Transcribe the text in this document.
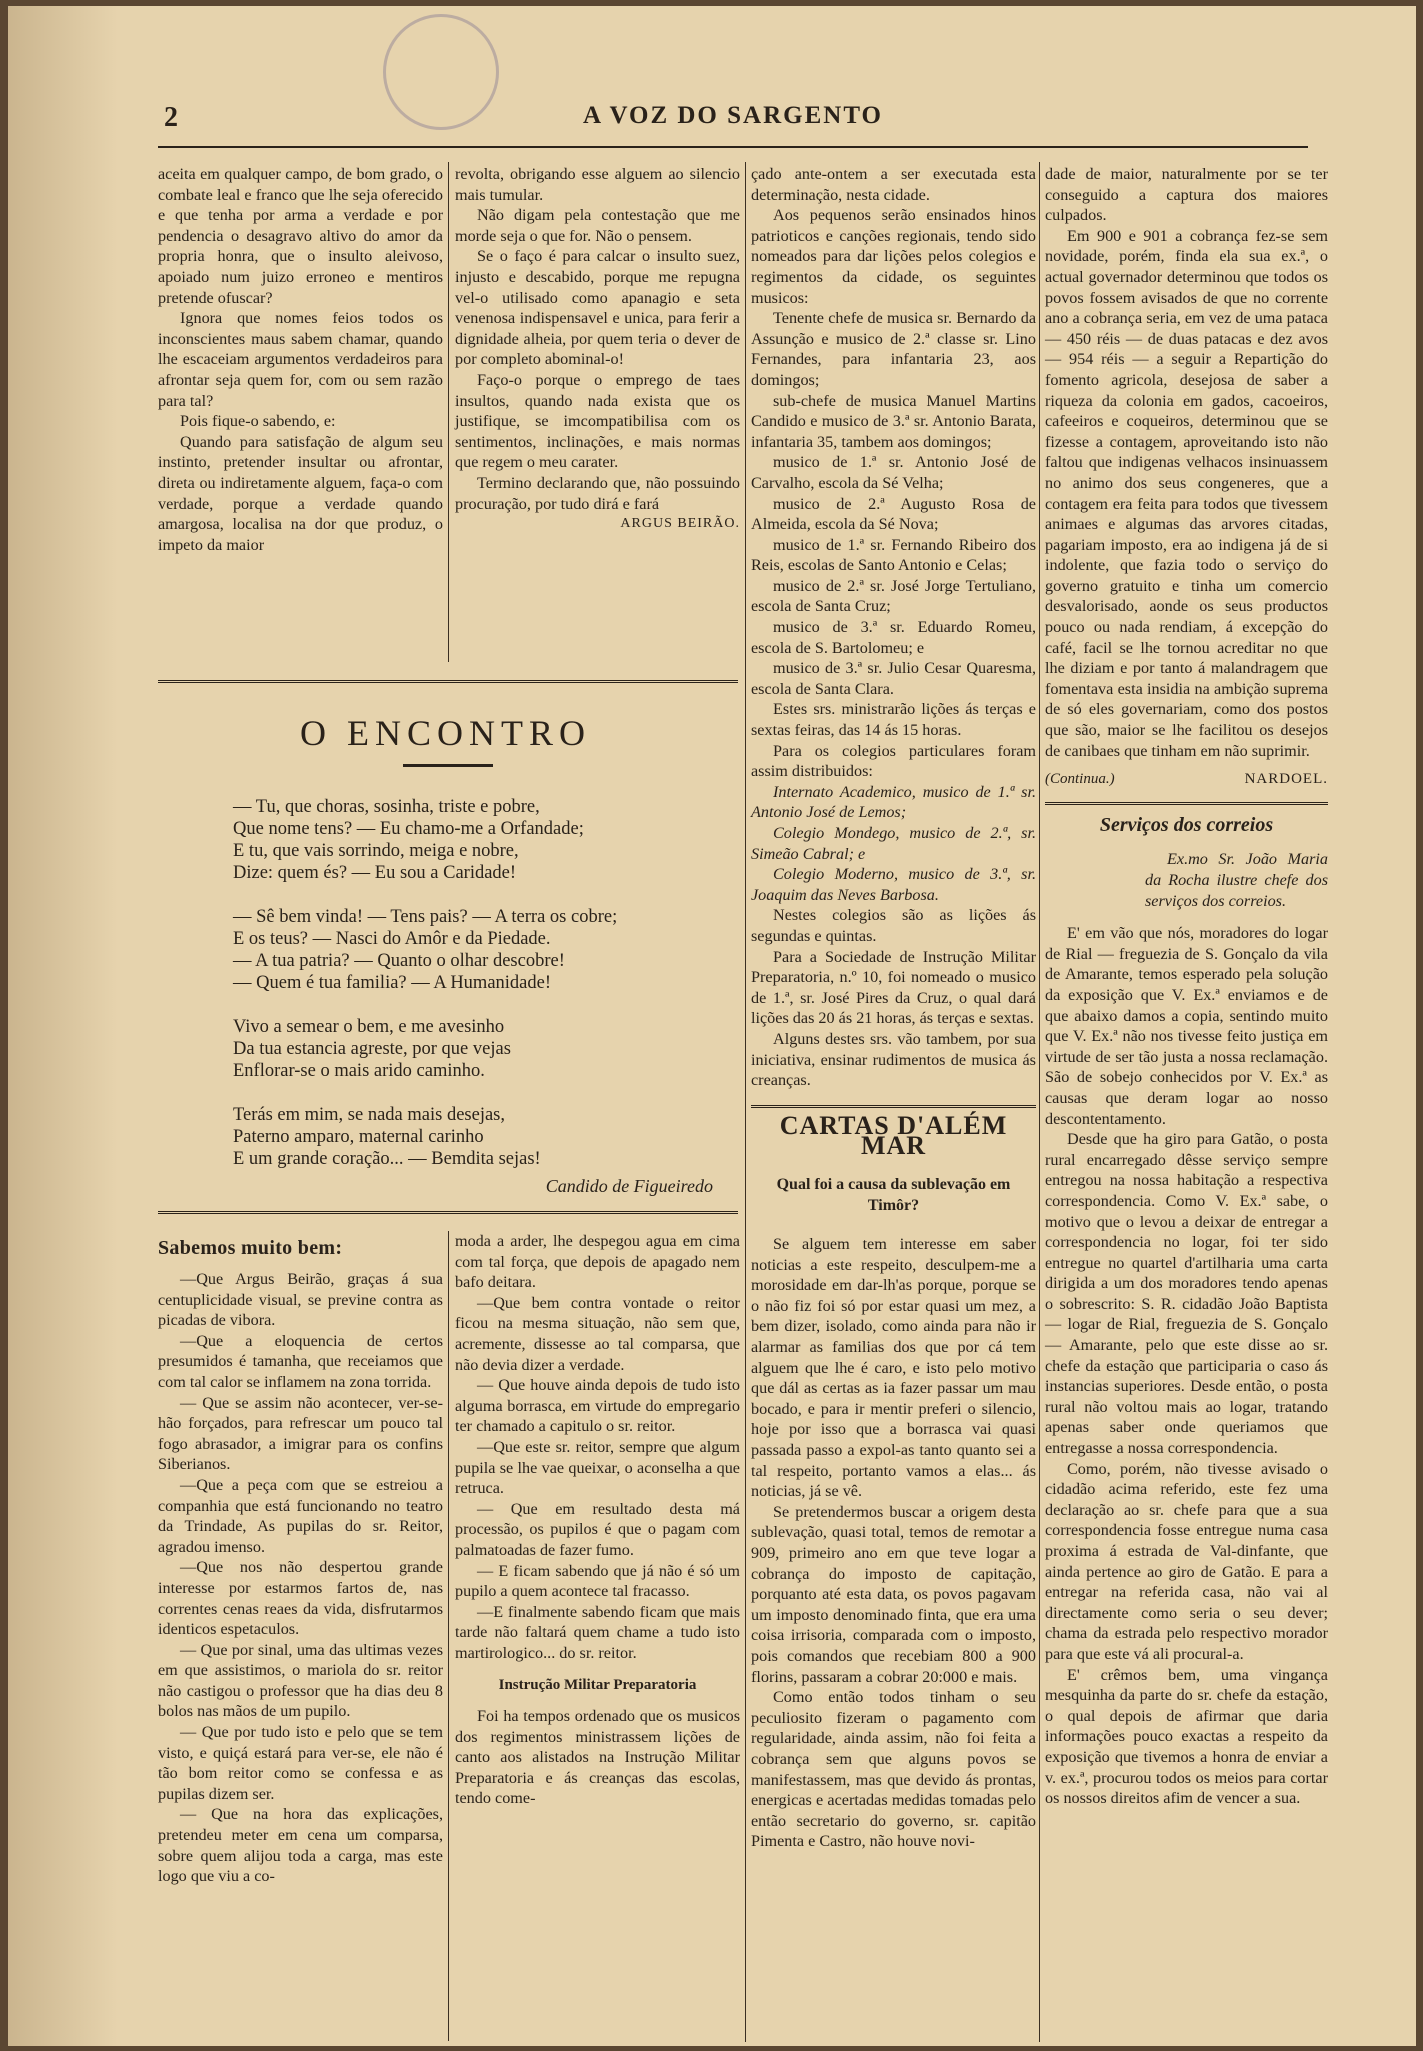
2	A VOZ DO SARGENTO

aceita em qualquer campo, de bom grado, o combate leal e franco que lhe seja oferecido e que tenha por arma a verdade e por pendencia o desagravo altivo do amor da propria honra, que o insulto aleivoso, apoiado num juizo erroneo e mentiros pretende ofuscar?

Ignora que nomes feios todos os inconscientes maus sabem chamar, quando lhe escaceiam argumentos verdadeiros para afrontar seja quem for, com ou sem razão para tal?

Pois fique-o sabendo, e:

Quando para satisfação de algum seu instinto, pretender insultar ou afrontar, direta ou indiretamente alguem, faça-o com verdade, porque a verdade quando amargosa, localisa na dor que produz, o impeto da maior

revolta, obrigando esse alguem ao silencio mais tumular.

Não digam pela contestação que me morde seja o que for. Não o pensem.

Se o faço é para calcar o insulto suez, injusto e descabido, porque me repugna vel-o utilisado como apanagio e seta venenosa indispensavel e unica, para ferir a dignidade alheia, por quem teria o dever de por completo abominal-o!

Faço-o porque o emprego de taes insultos, quando nada exista que os justifique, se imcompatibilisa com os sentimentos, inclinações, e mais normas que regem o meu carater.

Termino declarando que, não possuindo procuração, por tudo dirá e fará

ARGUS BEIRÃO.
O ENCONTRO
— Tu, que choras, sosinha, triste e pobre,
Que nome tens? — Eu chamo-me a Orfandade;
E tu, que vais sorrindo, meiga e nobre,
Dize: quem és? — Eu sou a Caridade!
— Sê bem vinda! — Tens pais? — A terra os cobre;
E os teus? — Nasci do Amôr e da Piedade.
— A tua patria? — Quanto o olhar descobre!
— Quem é tua familia? — A Humanidade!
Vivo a semear o bem, e me avesinho
Da tua estancia agreste, por que vejas
Enflorar-se o mais arido caminho.
Terás em mim, se nada mais desejas,
Paterno amparo, maternal carinho
E um grande coração... — Bemdita sejas!
Candido de Figueiredo
Sabemos muito bem:

—Que Argus Beirão, graças á sua centuplicidade visual, se previne contra as picadas de vibora.

—Que a eloquencia de certos presumidos é tamanha, que receiamos que com tal calor se inflamem na zona torrida.

— Que se assim não acontecer, ver-se-hão forçados, para refrescar um pouco tal fogo abrasador, a imigrar para os confins Siberianos.

—Que a peça com que se estreiou a companhia que está funcionando no teatro da Trindade, As pupilas do sr. Reitor, agradou imenso.

—Que nos não despertou grande interesse por estarmos fartos de, nas correntes cenas reaes da vida, disfrutarmos identicos espetaculos.

— Que por sinal, uma das ultimas vezes em que assistimos, o mariola do sr. reitor não castigou o professor que ha dias deu 8 bolos nas mãos de um pupilo.

— Que por tudo isto e pelo que se tem visto, e quiçá estará para ver-se, ele não é tão bom reitor como se confessa e as pupilas dizem ser.

— Que na hora das explicações, pretendeu meter em cena um comparsa, sobre quem alijou toda a carga, mas este logo que viu a co-

moda a arder, lhe despegou agua em cima com tal força, que depois de apagado nem bafo deitara.

—Que bem contra vontade o reitor ficou na mesma situação, não sem que, acremente, dissesse ao tal comparsa, que não devia dizer a verdade.

— Que houve ainda depois de tudo isto alguma borrasca, em virtude do empregario ter chamado a capitulo o sr. reitor.

—Que este sr. reitor, sempre que algum pupila se lhe vae queixar, o aconselha a que retruca.

— Que em resultado desta má processão, os pupilos é que o pagam com palmatoadas de fazer fumo.

— E ficam sabendo que já não é só um pupilo a quem acontece tal fracasso.

—E finalmente sabendo ficam que mais tarde não faltará quem chame a tudo isto martirologico... do sr. reitor.

Instrução Militar Preparatoria

Foi ha tempos ordenado que os musicos dos regimentos ministrassem lições de canto aos alistados na Instrução Militar Preparatoria e ás creanças das escolas, tendo come-

çado ante-ontem a ser executada esta determinação, nesta cidade.

Aos pequenos serão ensinados hinos patrioticos e canções regionais, tendo sido nomeados para dar lições pelos colegios e regimentos da cidade, os seguintes musicos:

Tenente chefe de musica sr. Bernardo da Assunção e musico de 2.ª classe sr. Lino Fernandes, para infantaria 23, aos domingos;

sub-chefe de musica Manuel Martins Candido e musico de 3.ª sr. Antonio Barata, infantaria 35, tambem aos domingos;

musico de 1.ª sr. Antonio José de Carvalho, escola da Sé Velha;

musico de 2.ª Augusto Rosa de Almeida, escola da Sé Nova;

musico de 1.ª sr. Fernando Ribeiro dos Reis, escolas de Santo Antonio e Celas;

musico de 2.ª sr. José Jorge Tertuliano, escola de Santa Cruz;

musico de 3.ª sr. Eduardo Romeu, escola de S. Bartolomeu; e

musico de 3.ª sr. Julio Cesar Quaresma, escola de Santa Clara.

Estes srs. ministrarão lições ás terças e sextas feiras, das 14 ás 15 horas.

Para os colegios particulares foram assim distribuidos:

Internato Academico, musico de 1.ª sr. Antonio José de Lemos;

Colegio Mondego, musico de 2.ª, sr. Simeão Cabral; e

Colegio Moderno, musico de 3.ª, sr. Joaquim das Neves Barbosa.

Nestes colegios são as lições ás segundas e quintas.

Para a Sociedade de Instrução Militar Preparatoria, n.º 10, foi nomeado o musico de 1.ª, sr. José Pires da Cruz, o qual dará lições das 20 ás 21 horas, ás terças e sextas.

Alguns destes srs. vão tambem, por sua iniciativa, ensinar rudimentos de musica ás creanças.

CARTAS D'ALÉM MAR
Qual foi a causa da sublevação em Timôr?

Se alguem tem interesse em saber noticias a este respeito, desculpem-me a morosidade em dar-lh'as porque, porque se o não fiz foi só por estar quasi um mez, a bem dizer, isolado, como ainda para não ir alarmar as familias dos que por cá tem alguem que lhe é caro, e isto pelo motivo que dál as certas as ia fazer passar um mau bocado, e para ir mentir preferi o silencio, hoje por isso que a borrasca vai quasi passada passo a expol-as tanto quanto sei a tal respeito, portanto vamos a elas... ás noticias, já se vê.

Se pretendermos buscar a origem desta sublevação, quasi total, temos de remotar a 909, primeiro ano em que teve logar a cobrança do imposto de capitação, porquanto até esta data, os povos pagavam um imposto denominado finta, que era uma coisa irrisoria, comparada com o imposto, pois comandos que recebiam 800 a 900 florins, passaram a cobrar 20:000 e mais.

Como então todos tinham o seu peculiosito fizeram o pagamento com regularidade, ainda assim, não foi feita a cobrança sem que alguns povos se manifestassem, mas que devido ás prontas, energicas e acertadas medidas tomadas pelo então secretario do governo, sr. capitão Pimenta e Castro, não houve novi-

dade de maior, naturalmente por se ter conseguido a captura dos maiores culpados.

Em 900 e 901 a cobrança fez-se sem novidade, porém, finda ela sua ex.ª, o actual governador determinou que todos os povos fossem avisados de que no corrente ano a cobrança seria, em vez de uma pataca — 450 réis — de duas patacas e dez avos — 954 réis — a seguir a Repartição do fomento agricola, desejosa de saber a riqueza da colonia em gados, cacoeiros, cafeeiros e coqueiros, determinou que se fizesse a contagem, aproveitando isto não faltou que indigenas velhacos insinuassem no animo dos seus congeneres, que a contagem era feita para todos que tivessem animaes e algumas das arvores citadas, pagariam imposto, era ao indigena já de si indolente, que fazia todo o serviço do governo gratuito e tinha um comercio desvalorisado, aonde os seus productos pouco ou nada rendiam, á excepção do café, facil se lhe tornou acreditar no que lhe diziam e por tanto á malandragem que fomentava esta insidia na ambição suprema de só eles governariam, como dos postos que são, maior se lhe facilitou os desejos de canibaes que tinham em não suprimir.

(Continua.)	NARDOEL.
Serviços dos correios

Ex.mo Sr. João Maria da Rocha ilustre chefe dos serviços dos correios.

E' em vão que nós, moradores do logar de Rial — freguezia de S. Gonçalo da vila de Amarante, temos esperado pela solução da exposição que V. Ex.ª enviamos e de que abaixo damos a copia, sentindo muito que V. Ex.ª não nos tivesse feito justiça em virtude de ser tão justa a nossa reclamação. São de sobejo conhecidos por V. Ex.ª as causas que deram logar ao nosso descontentamento.

Desde que ha giro para Gatão, o posta rural encarregado dêsse serviço sempre entregou na nossa habitação a respectiva correspondencia. Como V. Ex.ª sabe, o motivo que o levou a deixar de entregar a correspondencia no logar, foi ter sido entregue no quartel d'artilharia uma carta dirigida a um dos moradores tendo apenas o sobrescrito: S. R. cidadão João Baptista — logar de Rial, freguezia de S. Gonçalo — Amarante, pelo que este disse ao sr. chefe da estação que participaria o caso ás instancias superiores. Desde então, o posta rural não voltou mais ao logar, tratando apenas saber onde queriamos que entregasse a nossa correspondencia.

Como, porém, não tivesse avisado o cidadão acima referido, este fez uma declaração ao sr. chefe para que a sua correspondencia fosse entregue numa casa proxima á estrada de Val-dinfante, que ainda pertence ao giro de Gatão. E para a entregar na referida casa, não vai al directamente como seria o seu dever; chama da estrada pelo respectivo morador para que este vá ali procural-a.

E' crêmos bem, uma vingança mesquinha da parte do sr. chefe da estação, o qual depois de afirmar que daria informações pouco exactas a respeito da exposição que tivemos a honra de enviar a v. ex.ª, procurou todos os meios para cortar os nossos direitos afim de vencer a sua.
